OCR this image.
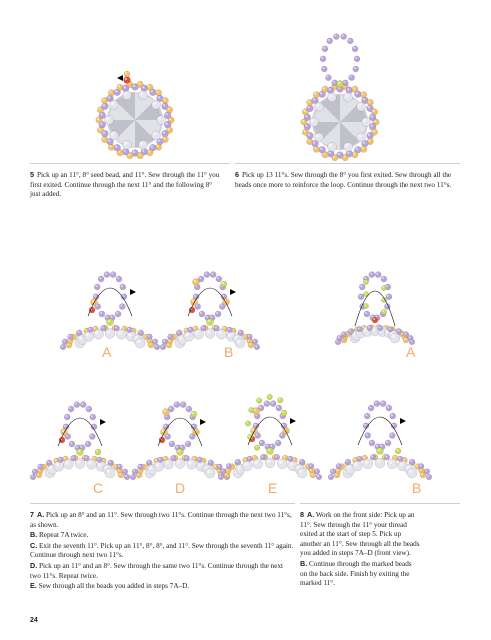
5 Pick up an 11°, 8° seed bead, and 11°. Sew through the 11° you first exited. Continue through the next 11° and the following 8° just added.
6 Pick up 13 11°s. Sew through the 8° you first exited. Sew through all the beads once more to reinforce the loop. Continue through the next two 11°s.
A	B	A
C	D	E	B
7 A. Pick up an 8° and an 11°. Sew through two 11°s. Continue through the next two 11°s, as shown.
B. Repeat 7A twice.
C. Exit the seventh 11°. Pick up an 11°, 8°, 8°, and 11°. Sew through the seventh 11° again. Continue through next two 11°s.
D. Pick up an 11° and an 8°. Sew through the same two 11°s. Continue through the next two 11°s. Repeat twice.
E. Sew through all the beads you added in steps 7A–D.
8 A. Work on the front side: Pick up an 11°. Sew through the 11° your thread exited at the start of step 5. Pick up another an 11°. Sew through all the beads you added in steps 7A–D (front view).
B. Continue through the marked beads on the back side. Finish by exiting the marked 11°.
24
